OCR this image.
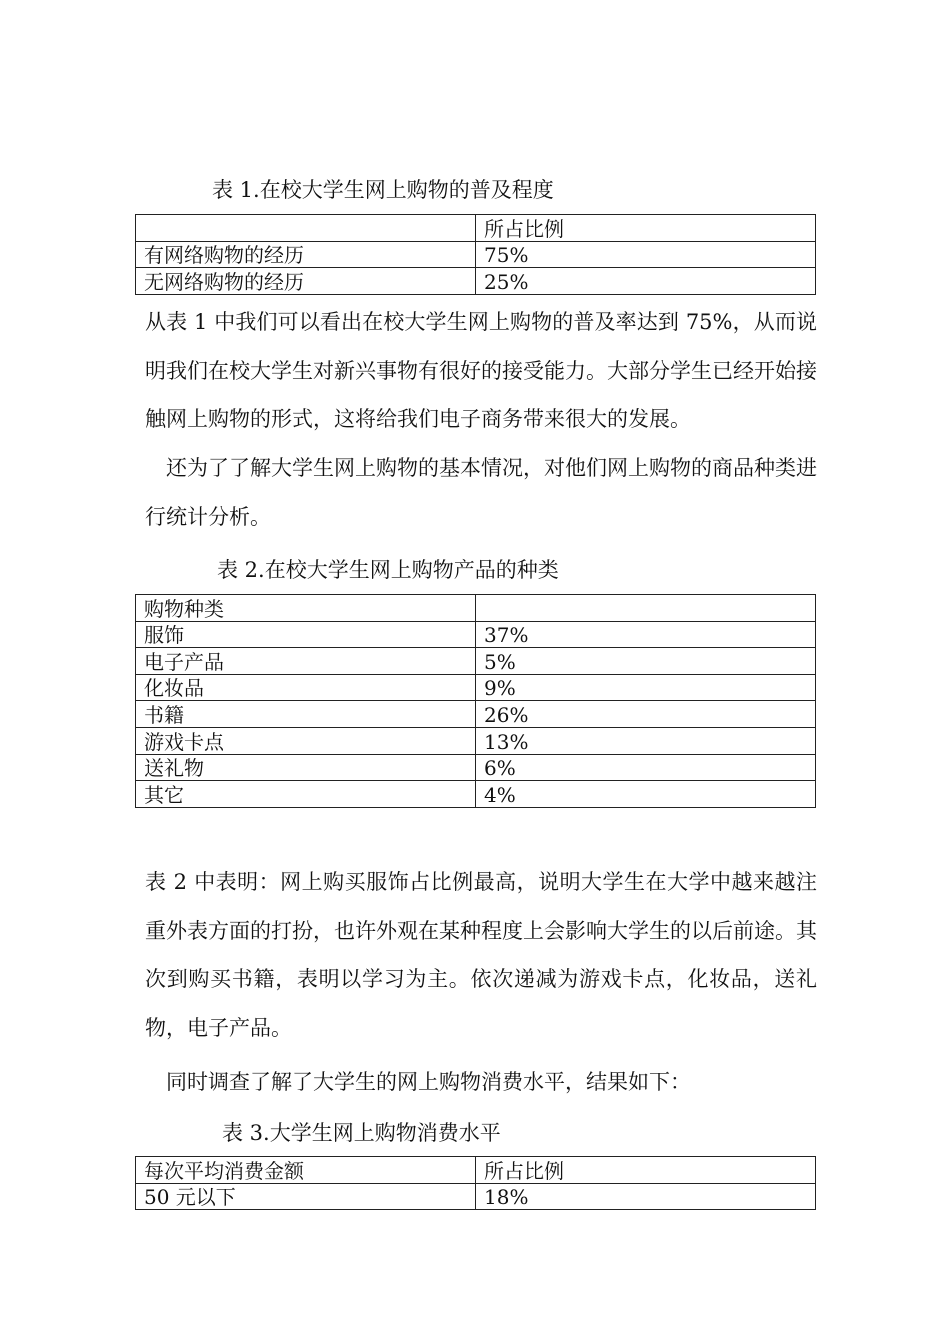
表 1.在校大学生网上购物的普及程度
	所占比例
有网络购物的经历	75%
无网络购物的经历	25%
从表 1 中我们可以看出在校大学生网上购物的普及率达到 75%，从而说明我们在校大学生对新兴事物有很好的接受能力。大部分学生已经开始接触网上购物的形式，这将给我们电子商务带来很大的发展。
还为了了解大学生网上购物的基本情况，对他们网上购物的商品种类进行统计分析。
表 2.在校大学生网上购物产品的种类
购物种类	
服饰	37%
电子产品	5%
化妆品	9%
书籍	26%
游戏卡点	13%
送礼物	6%
其它	4%
表 2 中表明：网上购买服饰占比例最高，说明大学生在大学中越来越注重外表方面的打扮，也许外观在某种程度上会影响大学生的以后前途。其次到购买书籍，表明以学习为主。依次递减为游戏卡点，化妆品，送礼物，电子产品。
同时调查了解了大学生的网上购物消费水平，结果如下：
表 3.大学生网上购物消费水平
每次平均消费金额	所占比例
50 元以下	18%
